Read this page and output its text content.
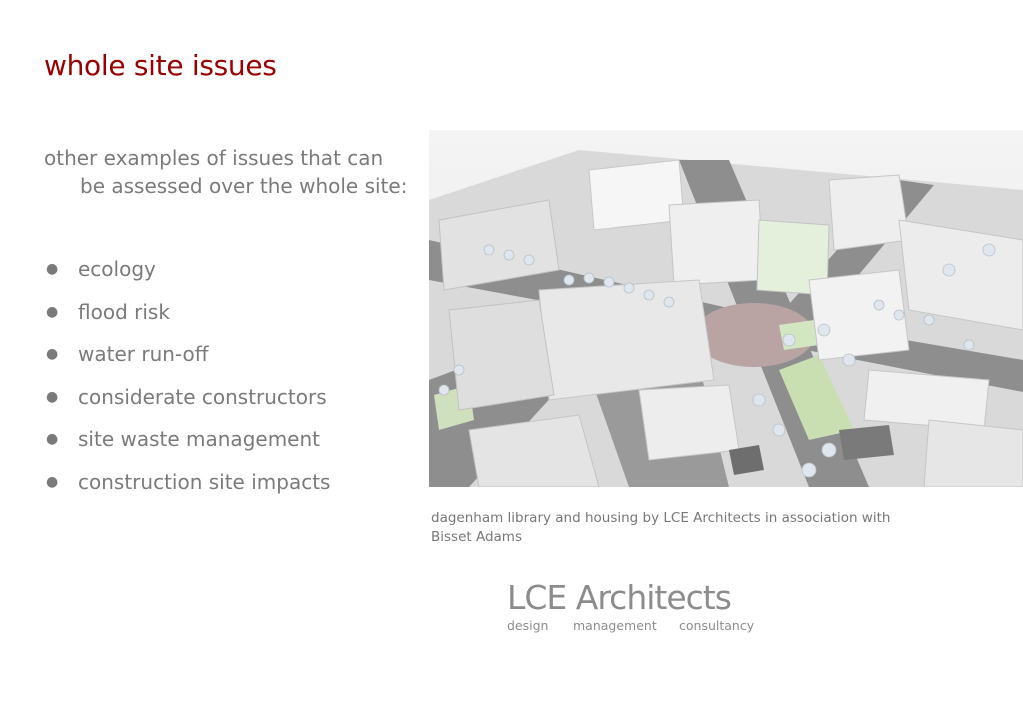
whole site issues
other examples of issues that can
be assessed over the whole site:
● ecology
● flood risk
● water run-off
● considerate constructors
● site waste management
● construction site impacts
dagenham library and housing by LCE Architects in association with Bisset Adams
LCE Architects
design	management	consultancy
